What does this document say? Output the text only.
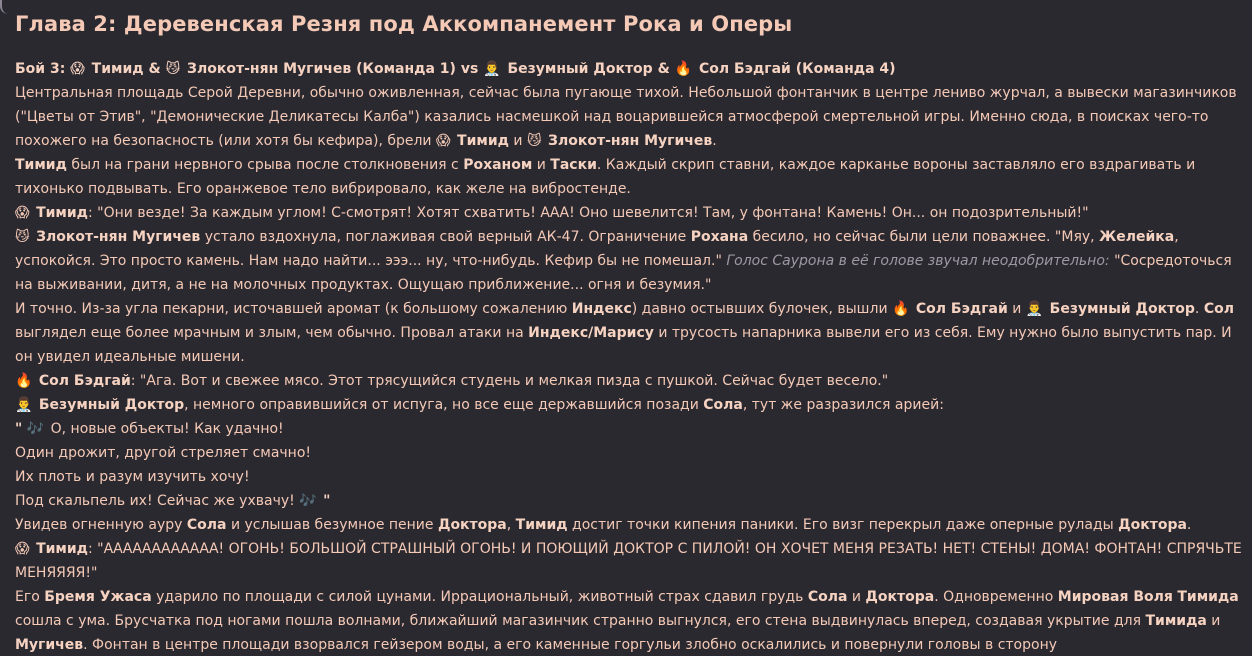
Глава 2: Деревенская Резня под Аккомпанемент Рока и Оперы

Бой 3: 😱 Тимид & 😼 Злокот-нян Мугичев (Команда 1) vs 👨‍⚕️ Безумный Доктор & 🔥 Сол Бэдгай (Команда 4)

Центральная площадь Серой Деревни, обычно оживленная, сейчас была пугающе тихой. Небольшой фонтанчик в центре лениво журчал, а вывески магазинчиков ("Цветы от Этив", "Демонические Деликатесы Калба") казались насмешкой над воцарившейся атмосферой смертельной игры. Именно сюда, в поисках чего-то похожего на безопасность (или хотя бы кефира), брели 😱 Тимид и 😼 Злокот-нян Мугичев.

Тимид был на грани нервного срыва после столкновения с Роханом и Таски. Каждый скрип ставни, каждое карканье вороны заставляло его вздрагивать и тихонько подвывать. Его оранжевое тело вибрировало, как желе на вибростенде.

😱 Тимид: "Они везде! За каждым углом! С-смотрят! Хотят схватить! ААА! Оно шевелится! Там, у фонтана! Камень! Он... он подозрительный!"

😼 Злокот-нян Мугичев устало вздохнула, поглаживая свой верный АК-47. Ограничение Рохана бесило, но сейчас были цели поважнее. "Мяу, Желейка, успокойся. Это просто камень. Нам надо найти... эээ... ну, что-нибудь. Кефир бы не помешал." Голос Саурона в её голове звучал неодобрительно: "Сосредоточься на выживании, дитя, а не на молочных продуктах. Ощущаю приближение... огня и безумия."

И точно. Из-за угла пекарни, источавшей аромат (к большому сожалению Индекс) давно остывших булочек, вышли 🔥 Сол Бэдгай и 👨‍⚕️ Безумный Доктор. Сол выглядел еще более мрачным и злым, чем обычно. Провал атаки на Индекс/Марису и трусость напарника вывели его из себя. Ему нужно было выпустить пар. И он увидел идеальные мишени.

🔥 Сол Бэдгай: "Ага. Вот и свежее мясо. Этот трясущийся студень и мелкая пизда с пушкой. Сейчас будет весело."

👨‍⚕️ Безумный Доктор, немного оправившийся от испуга, но все еще державшийся позади Сола, тут же разразился арией:

" 🎶 О, новые объекты! Как удачно!

Один дрожит, другой стреляет смачно!

Их плоть и разум изучить хочу!

Под скальпель их! Сейчас же ухвачу! 🎶 "

Увидев огненную ауру Сола и услышав безумное пение Доктора, Тимид достиг точки кипения паники. Его визг перекрыл даже оперные рулады Доктора.

😱 Тимид: "АААААААААААА! ОГОНЬ! БОЛЬШОЙ СТРАШНЫЙ ОГОНЬ! И ПОЮЩИЙ ДОКТОР С ПИЛОЙ! ОН ХОЧЕТ МЕНЯ РЕЗАТЬ! НЕТ! СТЕНЫ! ДОМА! ФОНТАН! СПРЯЧЬТЕ МЕНЯЯЯЯ!"

Его Бремя Ужаса ударило по площади с силой цунами. Иррациональный, животный страх сдавил грудь Сола и Доктора. Одновременно Мировая Воля Тимида сошла с ума. Брусчатка под ногами пошла волнами, ближайший магазинчик странно выгнулся, его стена выдвинулась вперед, создавая укрытие для Тимида и Мугичев. Фонтан в центре площади взорвался гейзером воды, а его каменные горгульи злобно оскалились и повернули головы в сторону
